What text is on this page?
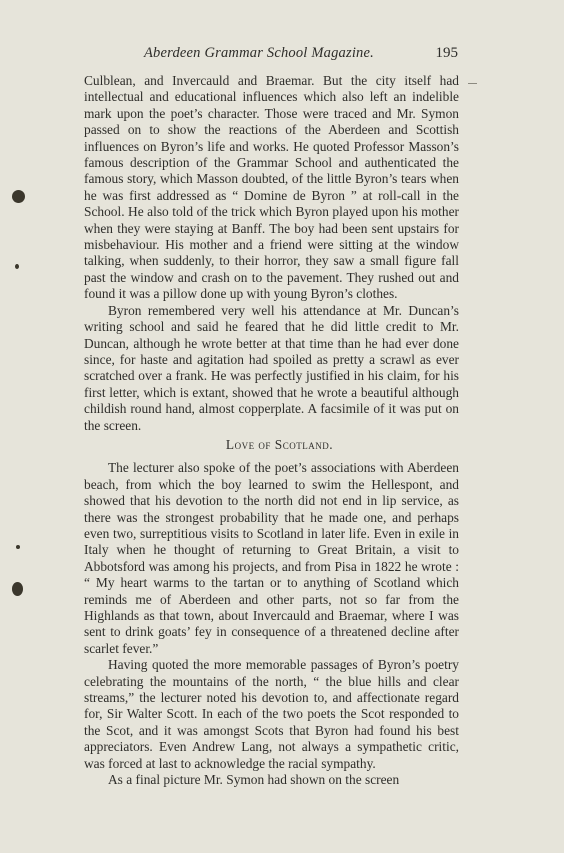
Aberdeen Grammar School Magazine.	195

Culblean, and Invercauld and Braemar. But the city itself had intellectual and educational influences which also left an indelible mark upon the poet’s character. Those were traced and Mr. Symon passed on to show the reactions of the Aberdeen and Scottish influences on Byron’s life and works. He quoted Professor Masson’s famous description of the Grammar School and authenticated the famous story, which Masson doubted, of the little Byron’s tears when he was first addressed as “ Domine de Byron ” at roll-call in the School. He also told of the trick which Byron played upon his mother when they were staying at Banff. The boy had been sent upstairs for misbehaviour. His mother and a friend were sitting at the window talking, when suddenly, to their horror, they saw a small figure fall past the window and crash on to the pavement. They rushed out and found it was a pillow done up with young Byron’s clothes.

Byron remembered very well his attendance at Mr. Duncan’s writing school and said he feared that he did little credit to Mr. Duncan, although he wrote better at that time than he had ever done since, for haste and agitation had spoiled as pretty a scrawl as ever scratched over a frank. He was perfectly justified in his claim, for his first letter, which is extant, showed that he wrote a beautiful although childish round hand, almost copperplate. A facsimile of it was put on the screen.

Love of Scotland.

The lecturer also spoke of the poet’s associations with Aberdeen beach, from which the boy learned to swim the Hellespont, and showed that his devotion to the north did not end in lip service, as there was the strongest probability that he made one, and perhaps even two, surreptitious visits to Scotland in later life. Even in exile in Italy when he thought of returning to Great Britain, a visit to Abbotsford was among his projects, and from Pisa in 1822 he wrote : “ My heart warms to the tartan or to anything of Scotland which reminds me of Aberdeen and other parts, not so far from the Highlands as that town, about Invercauld and Braemar, where I was sent to drink goats’ fey in consequence of a threatened decline after scarlet fever.”

Having quoted the more memorable passages of Byron’s poetry celebrating the mountains of the north, “ the blue hills and clear streams,” the lecturer noted his devotion to, and affectionate regard for, Sir Walter Scott. In each of the two poets the Scot responded to the Scot, and it was amongst Scots that Byron had found his best appreciators. Even Andrew Lang, not always a sympathetic critic, was forced at last to acknowledge the racial sympathy.

As a final picture Mr. Symon had shown on the screen
